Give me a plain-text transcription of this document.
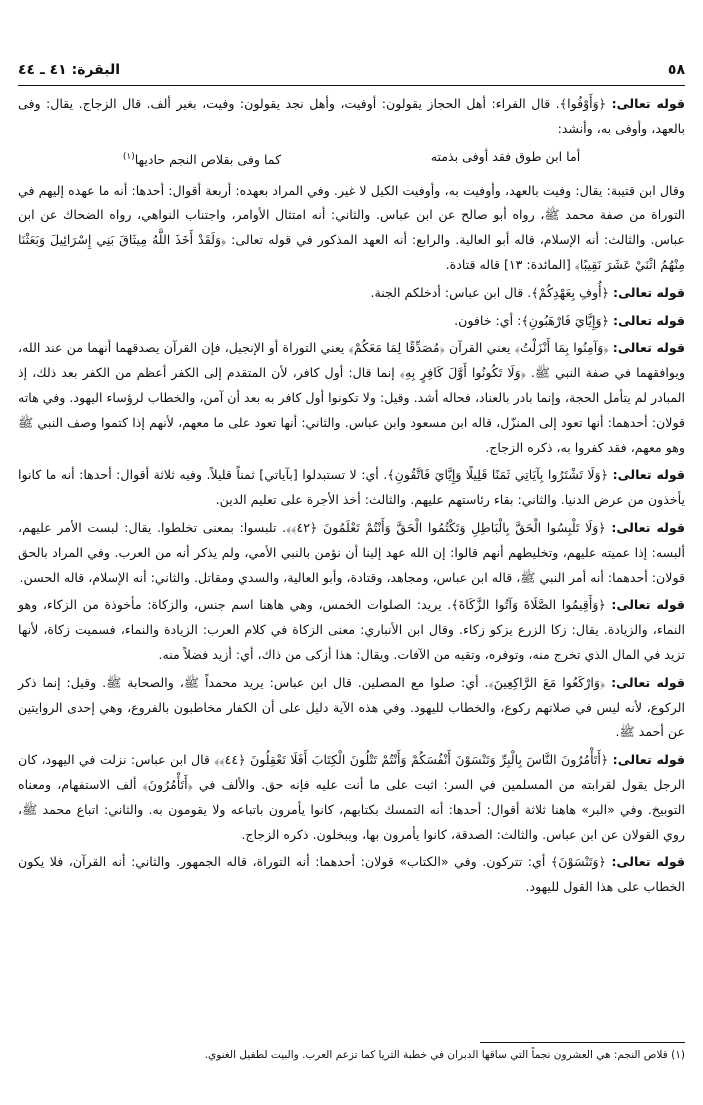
البقرة: ٤١ ـ ٤٤	٥٨

قوله تعالى: ﴿وَأَوْفُوا﴾. قال الفراء: أهل الحجاز يقولون: أوفيت، وأهل نجد يقولون: وفيت، بغير ألف. قال الزجاج. يقال: وفى بالعهد، وأوفى به، وأنشد:

أما ابن طوق فقد أوفى بذمته
كما وفى بقلاص النجم حاديها$^{(١)}$

وقال ابن قتيبة: يقال: وفيت بالعهد، وأوفيت به، وأوفيت الكيل لا غير. وفي المراد بعهده: أربعة أقوال: أحدها: أنه ما عهده إليهم في التوراة من صفة محمد ﷺ، رواه أبو صالح عن ابن عباس. والثاني: أنه امتثال الأوامر، واجتناب النواهي، رواه الضحاك عن ابن عباس. والثالث: أنه الإسلام، قاله أبو العالية. والرابع: أنه العهد المذكور في قوله تعالى: ﴿وَلَقَدْ أَخَذَ اللَّهُ مِيثَاقَ بَنِي إِسْرَائِيلَ وَبَعَثْنَا مِنْهُمُ اثْنَيْ عَشَرَ نَقِيبًا﴾ [المائدة: ١٣] قاله قتادة.

قوله تعالى: ﴿أُوفِ بِعَهْدِكُمْ﴾. قال ابن عباس: أدخلكم الجنة.

قوله تعالى: ﴿وَإِيَّايَ فَارْهَبُونِ﴾: أي: خافون.

قوله تعالى: ﴿وَآمِنُوا بِمَا أَنْزَلْتُ﴾ يعني القرآن ﴿مُصَدِّقًا لِمَا مَعَكُمْ﴾ يعني التوراة أو الإنجيل، فإن القرآن يصدقهما أنهما من عند الله، ويوافقهما في صفة النبي ﷺ. ﴿وَلَا تَكُونُوا أَوَّلَ كَافِرٍ بِهِ﴾ إنما قال: أول كافر، لأن المتقدم إلى الكفر أعظم من الكفر بعد ذلك، إذ المبادر لم يتأمل الحجة، وإنما بادر بالعناد، فحاله أشد. وقيل: ولا تكونوا أول كافر به بعد أن آمن، والخطاب لرؤساء اليهود. وفي هاته قولان: أحدهما: أنها تعود إلى المنزّل، قاله ابن مسعود وابن عباس. والثاني: أنها تعود على ما معهم، لأنهم إذا كتموا وصف النبي ﷺ وهو معهم، فقد كفروا به، ذكره الزجاج.

قوله تعالى: ﴿وَلَا تَشْتَرُوا بِآيَاتِي ثَمَنًا قَلِيلًا وَإِيَّايَ فَاتَّقُونِ﴾. أي: لا تستبدلوا [بآياتي] ثمناً قليلاً. وفيه ثلاثة أقوال: أحدها: أنه ما كانوا يأخذون من عرض الدنيا. والثاني: بقاء رئاستهم عليهم. والثالث: أخذ الأجرة على تعليم الدين.

قوله تعالى: ﴿وَلَا تَلْبِسُوا الْحَقَّ بِالْبَاطِلِ وَتَكْتُمُوا الْحَقَّ وَأَنْتُمْ تَعْلَمُونَ ﴿٤٢﴾﴾. تلبسوا: بمعنى تخلطوا. يقال: لبست الأمر عليهم، ألبسه: إذا عميته عليهم، وتخليطهم أنهم قالوا: إن الله عهد إلينا أن نؤمن بالنبي الأمي، ولم يذكر أنه من العرب. وفي المراد بالحق قولان: أحدهما: أنه أمر النبي ﷺ، قاله ابن عباس، ومجاهد، وقتادة، وأبو العالية، والسدي ومقاتل. والثاني: أنه الإسلام، قاله الحسن.

قوله تعالى: ﴿وَأَقِيمُوا الصَّلَاةَ وَآتُوا الزَّكَاةَ﴾. يريد: الصلوات الخمس، وهي هاهنا اسم جنس، والزكاة: مأخوذة من الزكاء، وهو النماء، والزيادة. يقال: زكا الزرع يزكو زكاء. وقال ابن الأنباري: معنى الزكاة في كلام العرب: الزيادة والنماء، فسميت زكاة، لأنها تزيد في المال الذي تخرج منه، وتوفره، وتقيه من الآفات. ويقال: هذا أزكى من ذاك، أي: أزيد فضلاً منه.

قوله تعالى: ﴿وَارْكَعُوا مَعَ الرَّاكِعِينَ﴾. أي: صلوا مع المصلين. قال ابن عباس: يريد محمداً ﷺ، والصحابة ﷺ. وقيل: إنما ذكر الركوع، لأنه ليس في صلاتهم ركوع، والخطاب لليهود. وفي هذه الآية دليل على أن الكفار مخاطبون بالفروع، وهي إحدى الروايتين عن أحمد ﷺ.

قوله تعالى: ﴿أَتَأْمُرُونَ النَّاسَ بِالْبِرِّ وَتَنْسَوْنَ أَنْفُسَكُمْ وَأَنْتُمْ تَتْلُونَ الْكِتَابَ أَفَلَا تَعْقِلُونَ ﴿٤٤﴾﴾ قال ابن عباس: نزلت في اليهود، كان الرجل يقول لقرابته من المسلمين في السر: اثبت على ما أنت عليه فإنه حق. والألف في ﴿أَتَأْمُرُونَ﴾ ألف الاستفهام، ومعناه التوبيخ. وفي «البر» هاهنا ثلاثة أقوال: أحدها: أنه التمسك بكتابهم، كانوا يأمرون باتباعه ولا يقومون به. والثاني: اتباع محمد ﷺ، روي القولان عن ابن عباس. والثالث: الصدقة، كانوا يأمرون بها، ويبخلون. ذكره الزجاج.

قوله تعالى: ﴿وَتَنْسَوْنَ﴾ أي: تتركون. وفي «الكتاب» قولان: أحدهما: أنه التوراة، قاله الجمهور. والثاني: أنه القرآن، فلا يكون الخطاب على هذا القول لليهود.

(١) قلاص النجم: هي العشرون نجماً التي ساقها الدبران في خطبة الثريا كما تزعم العرب. والبيت لطفيل الغنوي.
